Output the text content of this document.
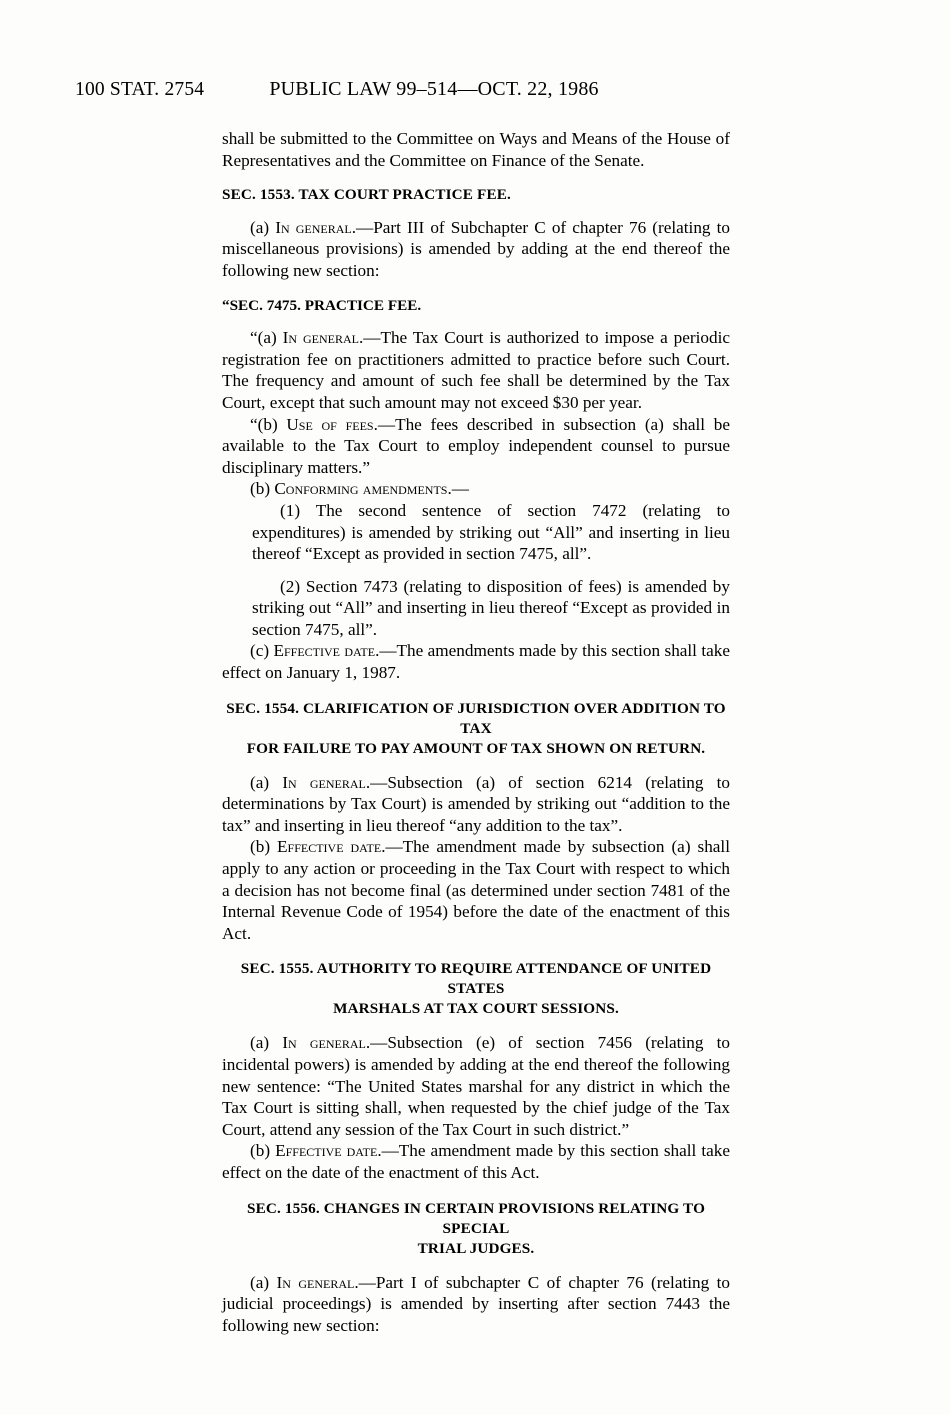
100 STAT. 2754	PUBLIC LAW 99–514—OCT. 22, 1986

shall be submitted to the Committee on Ways and Means of the House of Representatives and the Committee on Finance of the Senate.

SEC. 1553. TAX COURT PRACTICE FEE.

(a) In general.—Part III of Subchapter C of chapter 76 (relating to miscellaneous provisions) is amended by adding at the end thereof the following new section:

“SEC. 7475. PRACTICE FEE.

“(a) In general.—The Tax Court is authorized to impose a periodic registration fee on practitioners admitted to practice before such Court. The frequency and amount of such fee shall be determined by the Tax Court, except that such amount may not exceed $30 per year.

“(b) Use of fees.—The fees described in subsection (a) shall be available to the Tax Court to employ independent counsel to pursue disciplinary matters.”

(b) Conforming amendments.—

(1) The second sentence of section 7472 (relating to expenditures) is amended by striking out “All” and inserting in lieu thereof “Except as provided in section 7475, all”.

(2) Section 7473 (relating to disposition of fees) is amended by striking out “All” and inserting in lieu thereof “Except as provided in section 7475, all”.

(c) Effective date.—The amendments made by this section shall take effect on January 1, 1987.

SEC. 1554. CLARIFICATION OF JURISDICTION OVER ADDITION TO TAX
FOR FAILURE TO PAY AMOUNT OF TAX SHOWN ON RETURN.

(a) In general.—Subsection (a) of section 6214 (relating to determinations by Tax Court) is amended by striking out “addition to the tax” and inserting in lieu thereof “any addition to the tax”.

(b) Effective date.—The amendment made by subsection (a) shall apply to any action or proceeding in the Tax Court with respect to which a decision has not become final (as determined under section 7481 of the Internal Revenue Code of 1954) before the date of the enactment of this Act.

SEC. 1555. AUTHORITY TO REQUIRE ATTENDANCE OF UNITED STATES
MARSHALS AT TAX COURT SESSIONS.

(a) In general.—Subsection (e) of section 7456 (relating to incidental powers) is amended by adding at the end thereof the following new sentence: “The United States marshal for any district in which the Tax Court is sitting shall, when requested by the chief judge of the Tax Court, attend any session of the Tax Court in such district.”

(b) Effective date.—The amendment made by this section shall take effect on the date of the enactment of this Act.

SEC. 1556. CHANGES IN CERTAIN PROVISIONS RELATING TO SPECIAL
TRIAL JUDGES.

(a) In general.—Part I of subchapter C of chapter 76 (relating to judicial proceedings) is amended by inserting after section 7443 the following new section:
